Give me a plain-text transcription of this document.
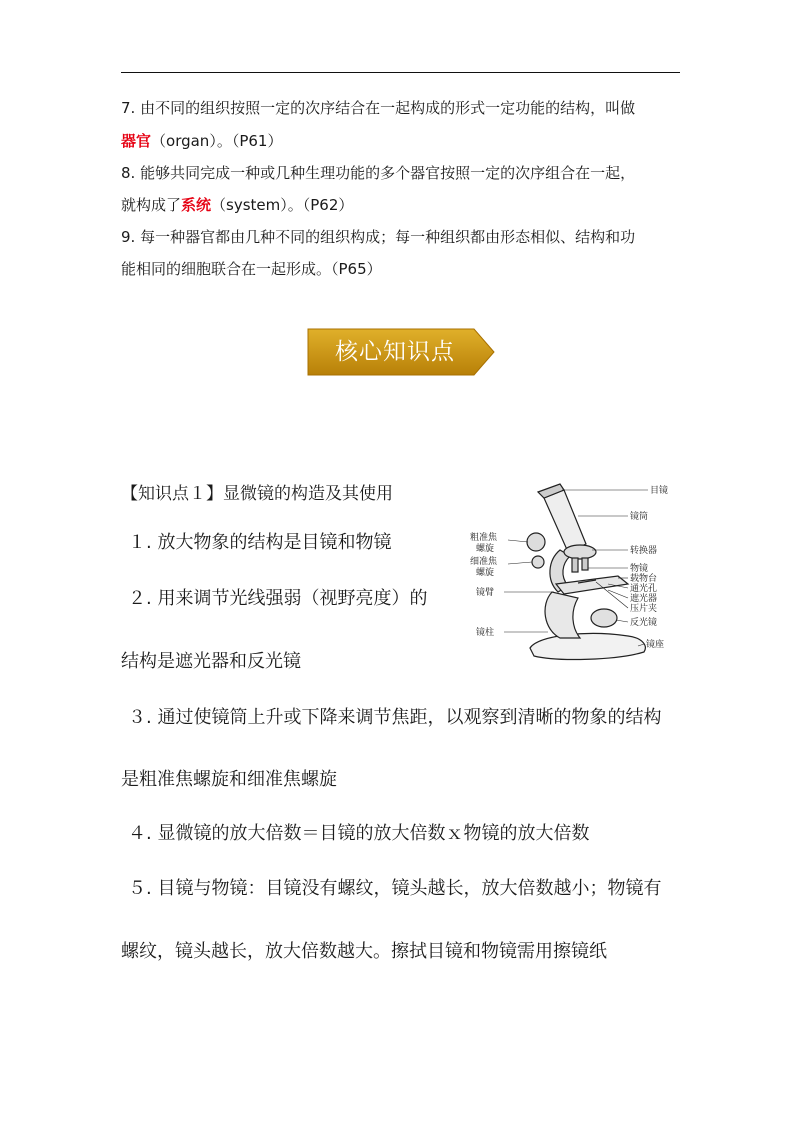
7. 由不同的组织按照一定的次序结合在一起构成的形式一定功能的结构，叫做
器官（organ）。（P61）
8. 能够共同完成一种或几种生理功能的多个器官按照一定的次序组合在一起，
就构成了系统（system）。（P62）
9. 每一种器官都由几种不同的组织构成；每一种组织都由形态相似、结构和功
能相同的细胞联合在一起形成。（P65）
核心知识点
【知识点１】显微镜的构造及其使用
１. 放大物象的结构是目镜和物镜
２. 用来调节光线强弱（视野亮度）的
结构是遮光器和反光镜
３. 通过使镜筒上升或下降来调节焦距，以观察到清晰的物象的结构
是粗准焦螺旋和细准焦螺旋
４. 显微镜的放大倍数＝目镜的放大倍数ｘ物镜的放大倍数
５. 目镜与物镜：目镜没有螺纹，镜头越长，放大倍数越小；物镜有
螺纹，镜头越长，放大倍数越大。擦拭目镜和物镜需用擦镜纸
目镜
镜筒
转换器
物镜
载物台
通光孔
遮光器
压片夹
反光镜
镜座
粗准焦
螺旋
细准焦
螺旋
镜臂
镜柱
